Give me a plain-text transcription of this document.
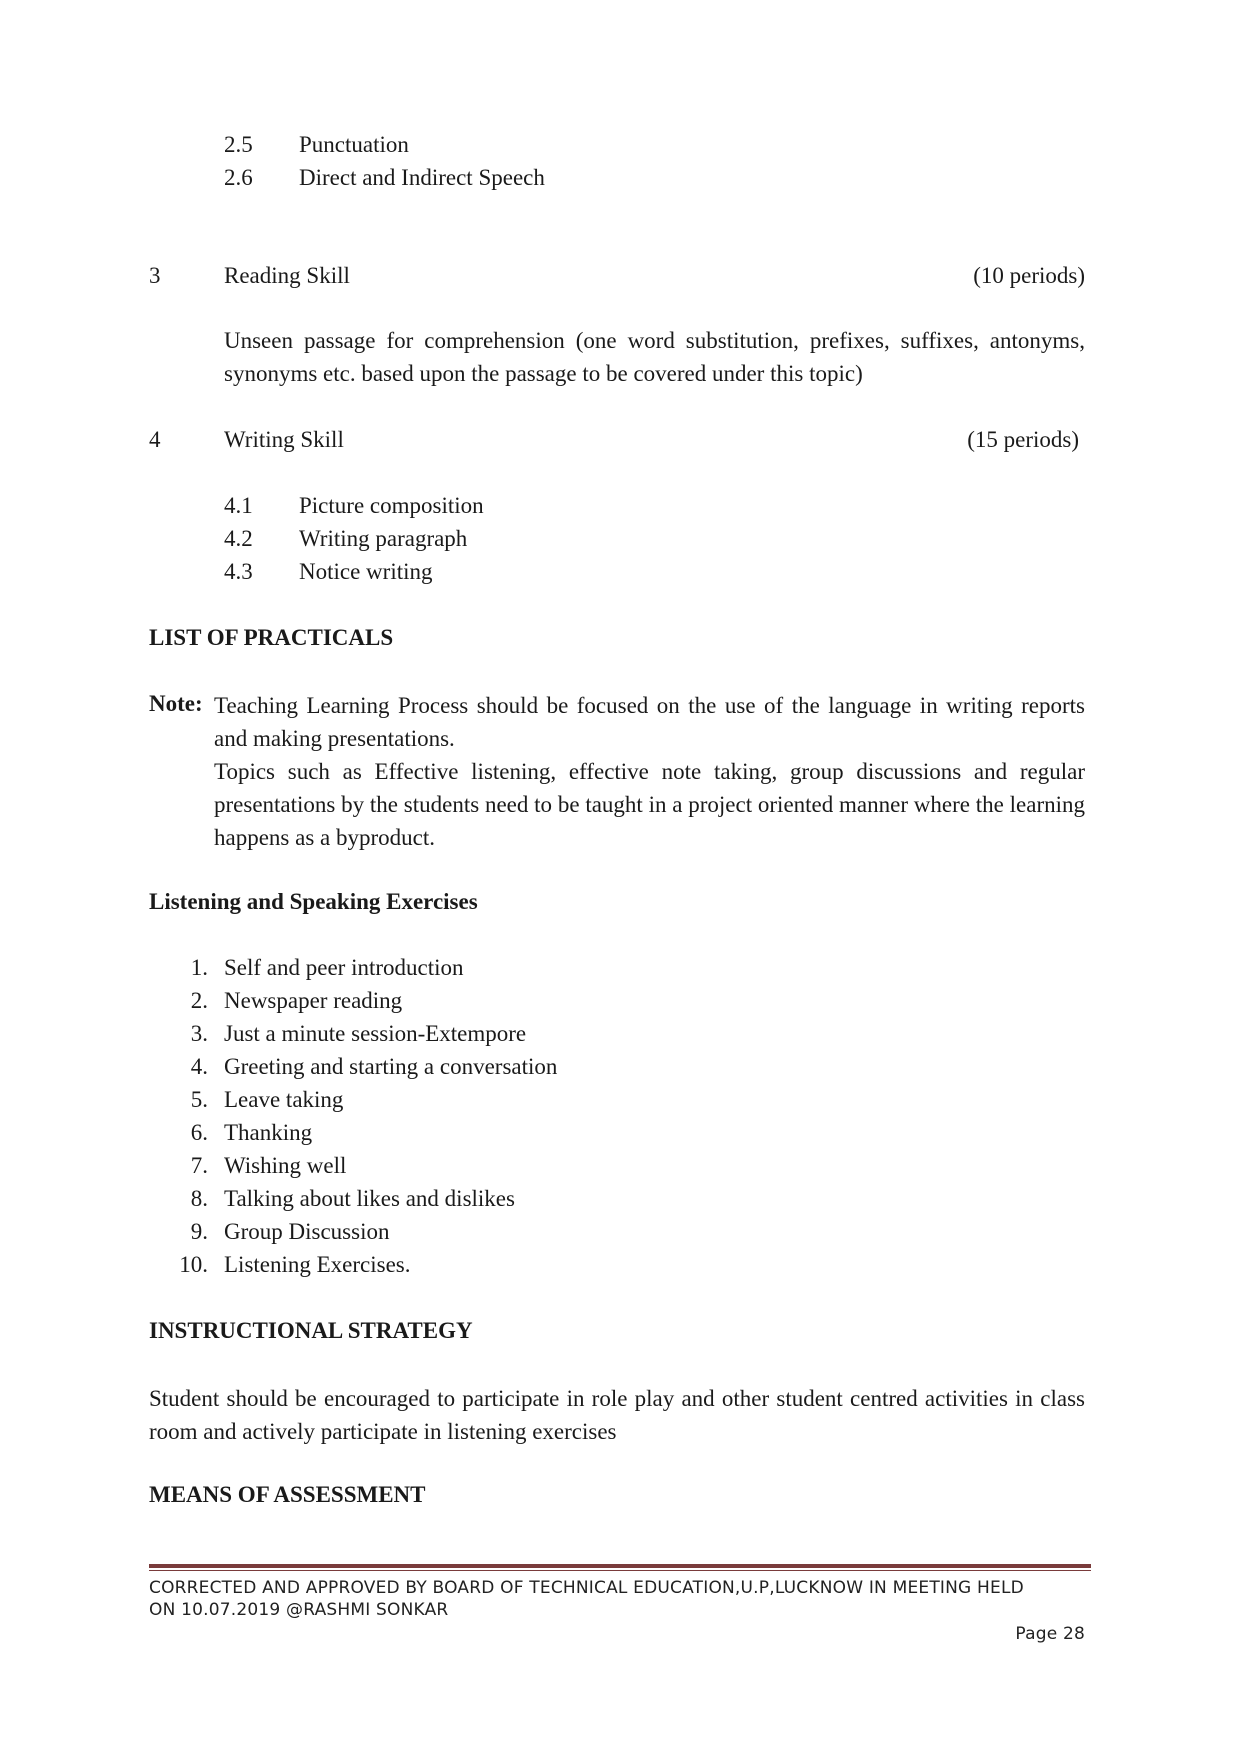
2.5 Punctuation
2.6 Direct and Indirect Speech
3	Reading Skill	(10 periods)
Unseen passage for comprehension (one word substitution, prefixes, suffixes, antonyms, synonyms etc. based upon the passage to be covered under this topic)
4	Writing Skill	(15 periods)
4.1 Picture composition
4.2 Writing paragraph
4.3 Notice writing
LIST OF PRACTICALS
Note: Teaching Learning Process should be focused on the use of the language in writing reports and making presentations.
Topics such as Effective listening, effective note taking, group discussions and regular presentations by the students need to be taught in a project oriented manner where the learning happens as a byproduct.
Listening and Speaking Exercises
1. Self and peer introduction
2. Newspaper reading
3. Just a minute session-Extempore
4. Greeting and starting a conversation
5. Leave taking
6. Thanking
7. Wishing well
8. Talking about likes and dislikes
9. Group Discussion
10. Listening Exercises.
INSTRUCTIONAL STRATEGY
Student should be encouraged to participate in role play and other student centred activities in class room and actively participate in listening exercises
MEANS OF ASSESSMENT
CORRECTED AND APPROVED BY BOARD OF TECHNICAL EDUCATION,U.P,LUCKNOW IN MEETING HELD
ON 10.07.2019 @RASHMI SONKAR
Page 28
